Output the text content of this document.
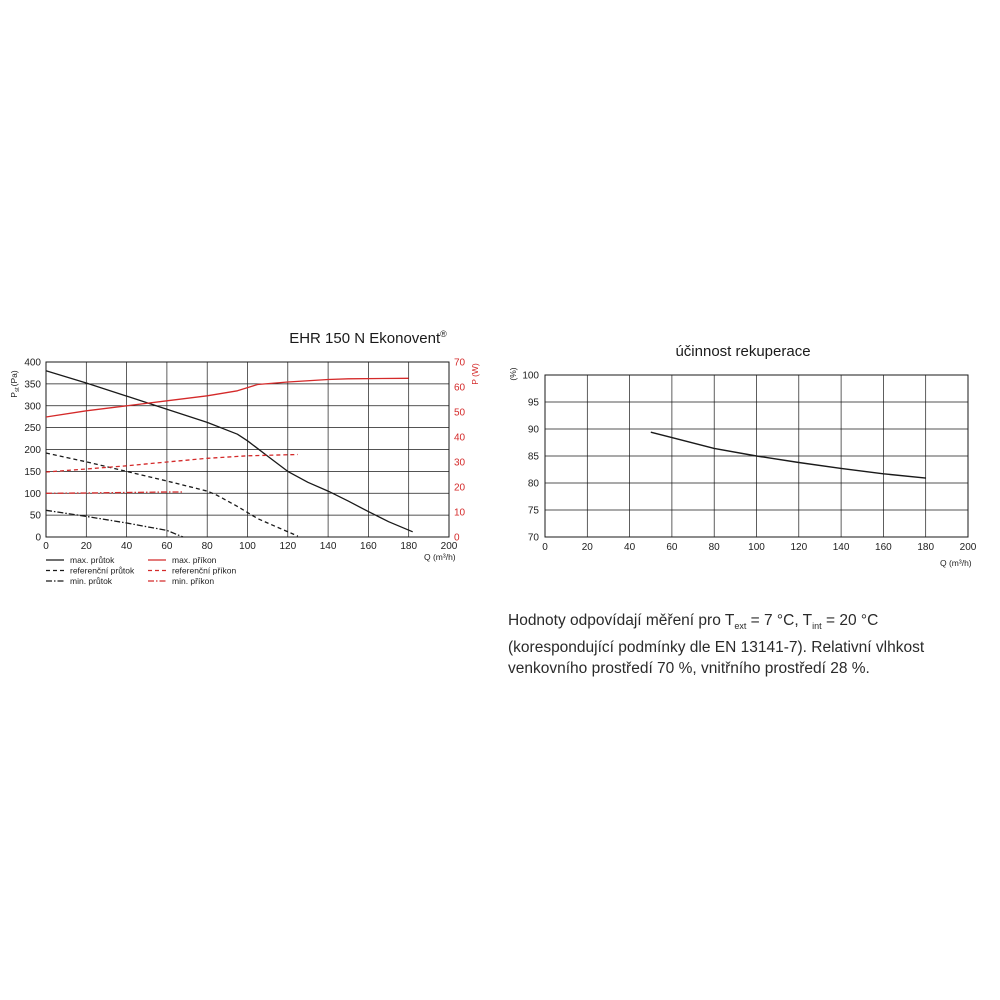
EHR 150 N Ekonovent®
0	20	40	60	80	100 120 140 160 180 200
0
50
100
150
200
250
300
350
400
0
10
20
30
40
50
60
70
$P_{st}(Pa)$	P (W)
Q (m³/h)
max. průtok
referenční průtok
min. průtok
max. příkon
referenční příkon
min. příkon
účinnost rekuperace
0	20	40	60	80	100	120	140	160	180	200
70
75
80
85
90
95
100
(%)
Q (m³/h)
Hodnoty odpovídají měření pro $T_{ext} = 7$ °C, $T_{int} = 20$ °C (korespondující podmínky dle EN 13141-7). Relativní vlhkost venkovního prostředí 70 %, vnitřního prostředí 28 %.
